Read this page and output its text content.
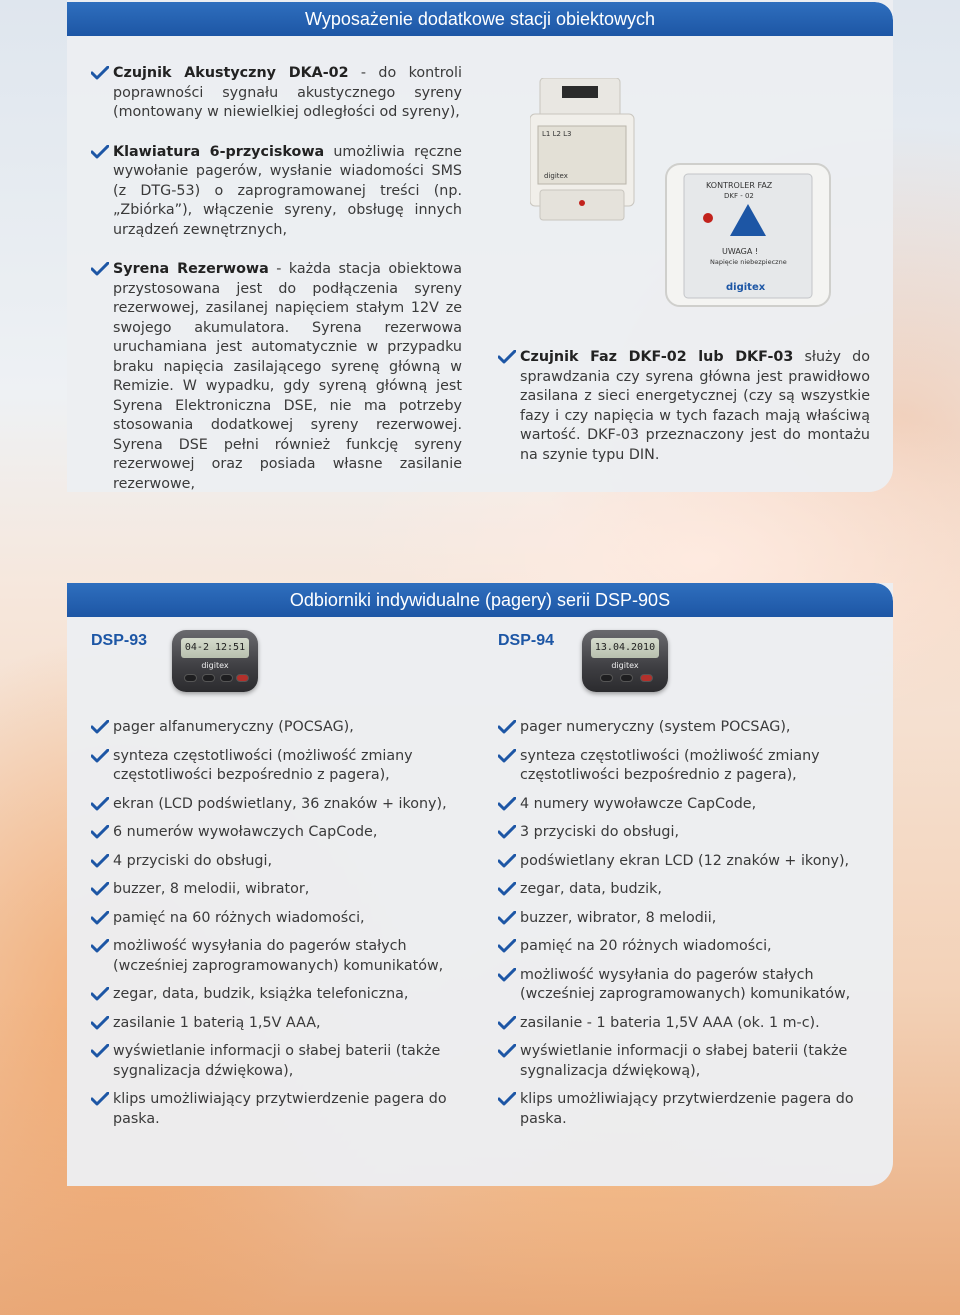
Wyposażenie dodatkowe stacji obiektowych
Czujnik Akustyczny DKA-02 - do kontroli poprawności sygnału akustycznego syreny (montowany w niewielkiej odległości od syreny),
Klawiatura 6-przyciskowa umożliwia ręczne wywołanie pagerów, wysłanie wiadomości SMS (z DTG-53) o zaprogramowanej treści (np. „Zbiórka”), włączenie syreny, obsługę innych urządzeń zewnętrznych,
Syrena Rezerwowa - każda stacja obiektowa przystosowana jest do podłączenia syreny rezerwowej, zasilanej napięciem stałym 12V ze swojego akumulatora. Syrena rezerwowa uruchamiana jest automatycznie w przypadku braku napięcia zasilającego syrenę główną w Remizie. W wypadku, gdy syreną główną jest Syrena Elektroniczna DSE, nie ma potrzeby stosowania dodatkowej syreny rezerwowej. Syrena DSE pełni również funkcję syreny rezerwowej oraz posiada własne zasilanie rezerwowe,
L1 L2 L3
digitex
KONTROLER FAZ
DKF - 02
UWAGA !
Napięcie niebezpieczne
digitex
Czujnik Faz DKF-02 lub DKF-03 służy do sprawdzania czy syrena główna jest prawidłowo zasilana z sieci energetycznej (czy są wszystkie fazy i czy napięcia w tych fazach mają właściwą wartość. DKF-03 przeznaczony jest do montażu na szynie typu DIN.
Odbiorniki indywidualne (pagery) serii DSP-90S
DSP-93	DSP-94
04-2 12:51
digitex
13.04.2010
digitex
pager alfanumeryczny (POCSAG),
synteza częstotliwości (możliwość zmiany częstotliwości bezpośrednio z pagera),
ekran (LCD podświetlany, 36 znaków + ikony),
6 numerów wywoławczych CapCode,
4 przyciski do obsługi,
buzzer, 8 melodii, wibrator,
pamięć na 60 różnych wiadomości,
możliwość wysyłania do pagerów stałych (wcześniej zaprogramowanych) komunikatów,
zegar, data, budzik, książka telefoniczna,
zasilanie 1 baterią 1,5V AAA,
wyświetlanie informacji o słabej baterii (także sygnalizacja dźwiękowa),
klips umożliwiający przytwierdzenie pagera do paska.
pager numeryczny (system POCSAG),
synteza częstotliwości (możliwość zmiany częstotliwości bezpośrednio z pagera),
4 numery wywoławcze CapCode,
3 przyciski do obsługi,
podświetlany ekran LCD (12 znaków + ikony),
zegar, data, budzik,
buzzer, wibrator, 8 melodii,
pamięć na 20 różnych wiadomości,
możliwość wysyłania do pagerów stałych (wcześniej zaprogramowanych) komunikatów,
zasilanie - 1 bateria 1,5V AAA (ok. 1 m-c).
wyświetlanie informacji o słabej baterii (także sygnalizacja dźwiękową),
klips umożliwiający przytwierdzenie pagera do paska.
